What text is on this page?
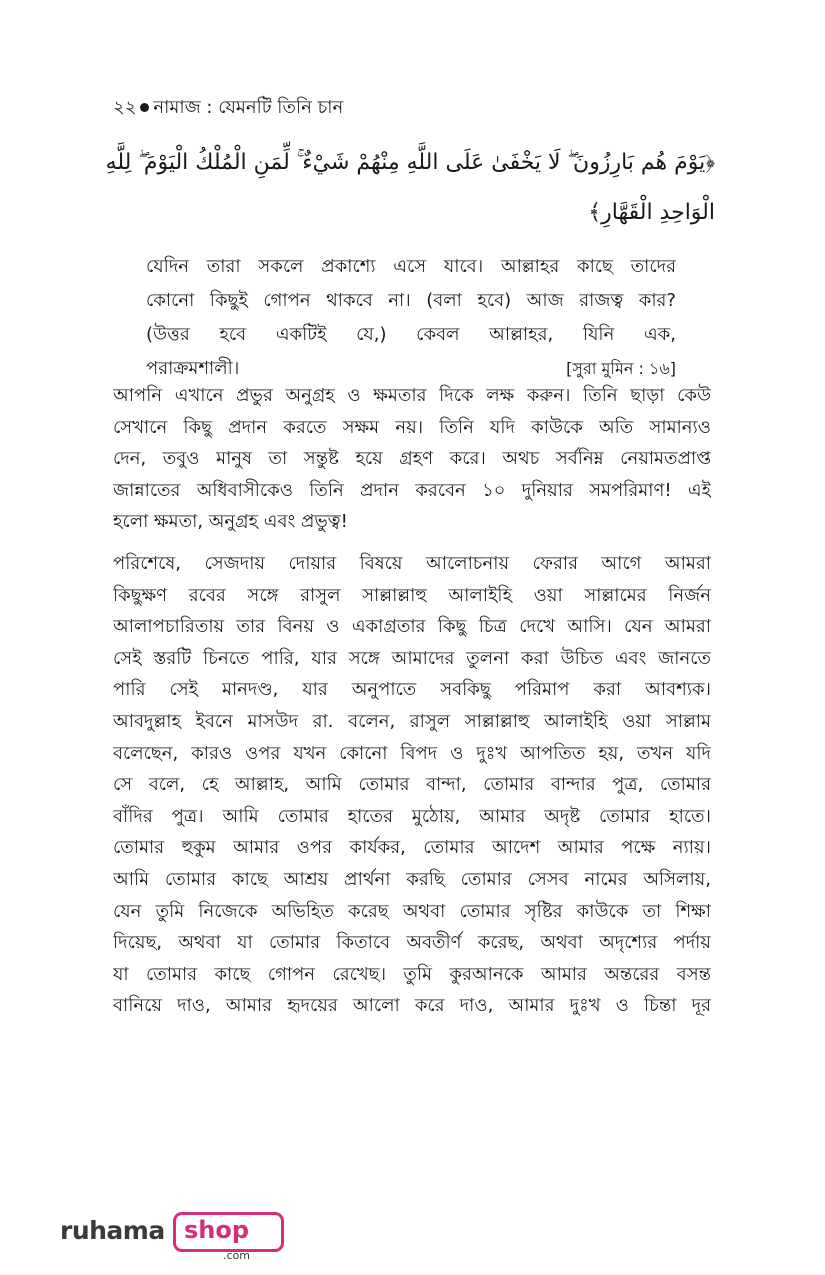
২২ নামাজ : যেমনটি তিনি চান
﴿يَوْمَ هُم بَارِزُونَ ۖ لَا يَخْفَىٰ عَلَى اللَّهِ مِنْهُمْ شَيْءٌ ۚ لِّمَنِ الْمُلْكُ الْيَوْمَ ۖ لِلَّهِ
الْوَاحِدِ الْقَهَّارِ﴾
যেদিন তারা সকলে প্রকাশ্যে এসে যাবে। আল্লাহর কাছে তাদের
কোনো কিছুই গোপন থাকবে না। (বলা হবে) আজ রাজত্ব কার?
(উত্তর হবে একটিই যে,) কেবল আল্লাহর, যিনি এক,
পরাক্রমশালী।	[সুরা মুমিন : ১৬]
আপনি এখানে প্রভুর অনুগ্রহ ও ক্ষমতার দিকে লক্ষ করুন। তিনি ছাড়া কেউ
সেখানে কিছু প্রদান করতে সক্ষম নয়। তিনি যদি কাউকে অতি সামান্যও
দেন, তবুও মানুষ তা সন্তুষ্ট হয়ে গ্রহণ করে। অথচ সর্বনিম্ন নেয়ামতপ্রাপ্ত
জান্নাতের অধিবাসীকেও তিনি প্রদান করবেন ১০ দুনিয়ার সমপরিমাণ! এই
হলো ক্ষমতা, অনুগ্রহ এবং প্রভুত্ব!
পরিশেষে, সেজদায় দোয়ার বিষয়ে আলোচনায় ফেরার আগে আমরা
কিছুক্ষণ রবের সঙ্গে রাসুল সাল্লাল্লাহু আলাইহি ওয়া সাল্লামের নির্জন
আলাপচারিতায় তার বিনয় ও একাগ্রতার কিছু চিত্র দেখে আসি। যেন আমরা
সেই স্তরটি চিনতে পারি, যার সঙ্গে আমাদের তুলনা করা উচিত এবং জানতে
পারি সেই মানদণ্ড, যার অনুপাতে সবকিছু পরিমাপ করা আবশ্যক।
আবদুল্লাহ ইবনে মাসউদ রা. বলেন, রাসুল সাল্লাল্লাহু আলাইহি ওয়া সাল্লাম
বলেছেন, কারও ওপর যখন কোনো বিপদ ও দুঃখ আপতিত হয়, তখন যদি
সে বলে, হে আল্লাহ, আমি তোমার বান্দা, তোমার বান্দার পুত্র, তোমার
বাঁদির পুত্র। আমি তোমার হাতের মুঠোয়, আমার অদৃষ্ট তোমার হাতে।
তোমার হুকুম আমার ওপর কার্যকর, তোমার আদেশ আমার পক্ষে ন্যায়।
আমি তোমার কাছে আশ্রয় প্রার্থনা করছি তোমার সেসব নামের অসিলায়,
যেন তুমি নিজেকে অভিহিত করেছ অথবা তোমার সৃষ্টির কাউকে তা শিক্ষা
দিয়েছ, অথবা যা তোমার কিতাবে অবতীর্ণ করেছ, অথবা অদৃশ্যের পর্দায়
যা তোমার কাছে গোপন রেখেছ। তুমি কুরআনকে আমার অন্তরের বসন্ত
বানিয়ে দাও, আমার হৃদয়ের আলো করে দাও, আমার দুঃখ ও চিন্তা দূর
ruhama shop
.com
